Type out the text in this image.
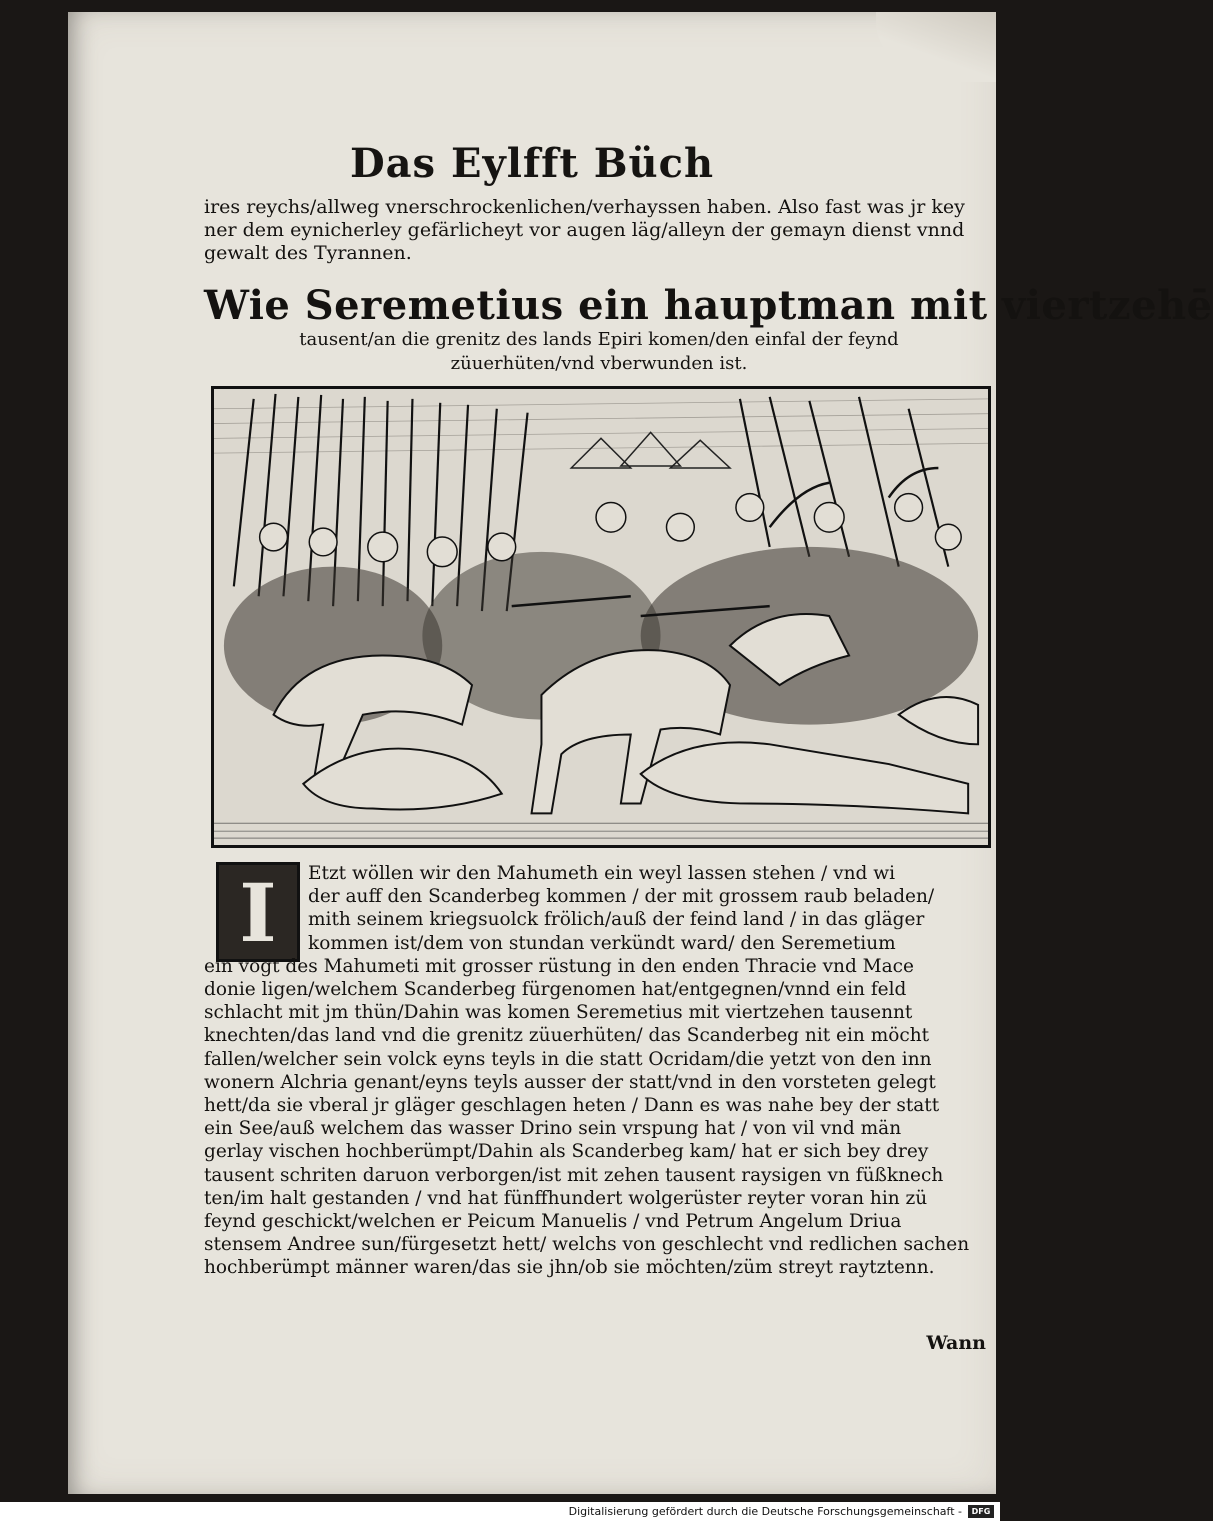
Das Eylfft Büch
ires reychs/allweg vnerschrockenlichen/verhayssen haben. Also fast was jr key
ner dem eynicherley gefärlicheyt vor augen läg/alleyn der gemayn dienst vnnd
gewalt des Tyrannen.
Wie Seremetius ein hauptman mit viertzehē
tausent/an die grenitz des lands Epiri komen/den einfal der feynd
züuerhüten/vnd vberwunden ist.
I	Etzt wöllen wir den Mahumeth ein weyl lassen stehen / vnd wi
der auff den Scanderbeg kommen / der mit grossem raub beladen/
mith seinem kriegsuolck frölich/auß der feind land / in das gläger
kommen ist/dem von stundan verkündt ward/ den Seremetium
ein vogt des Mahumeti mit grosser rüstung in den enden Thracie vnd Mace
donie ligen/welchem Scanderbeg fürgenomen hat/entgegnen/vnnd ein feld
schlacht mit jm thün/Dahin was komen Seremetius mit viertzehen tausennt
knechten/das land vnd die grenitz züuerhüten/ das Scanderbeg nit ein möcht
fallen/welcher sein volck eyns teyls in die statt Ocridam/die yetzt von den inn
wonern Alchria genant/eyns teyls ausser der statt/vnd in den vorsteten gelegt
hett/da sie vberal jr gläger geschlagen heten / Dann es was nahe bey der statt
ein See/auß welchem das wasser Drino sein vrspung hat / von vil vnd män
gerlay vischen hochberümpt/Dahin als Scanderbeg kam/ hat er sich bey drey
tausent schriten daruon verborgen/ist mit zehen tausent raysigen vn füßknech
ten/im halt gestanden / vnd hat fünffhundert wolgerüster reyter voran hin zü
feynd geschickt/welchen er Peicum Manuelis / vnd Petrum Angelum Driua
stensem Andree sun/fürgesetzt hett/ welchs von geschlecht vnd redlichen sachen
hochberümpt männer waren/das sie jhn/ob sie möchten/züm streyt raytztenn.
Wann
Digitalisierung gefördert durch die Deutsche Forschungsgemeinschaft -	DFG
